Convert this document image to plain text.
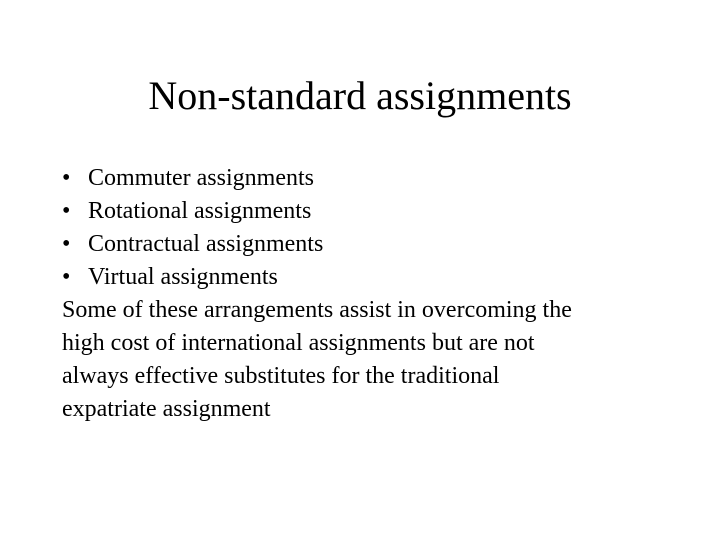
Non-standard assignments
• Commuter assignments
• Rotational assignments
• Contractual assignments
• Virtual assignments

Some of these arrangements assist in overcoming the
high cost of international assignments but are not
always effective substitutes for the traditional
expatriate assignment
